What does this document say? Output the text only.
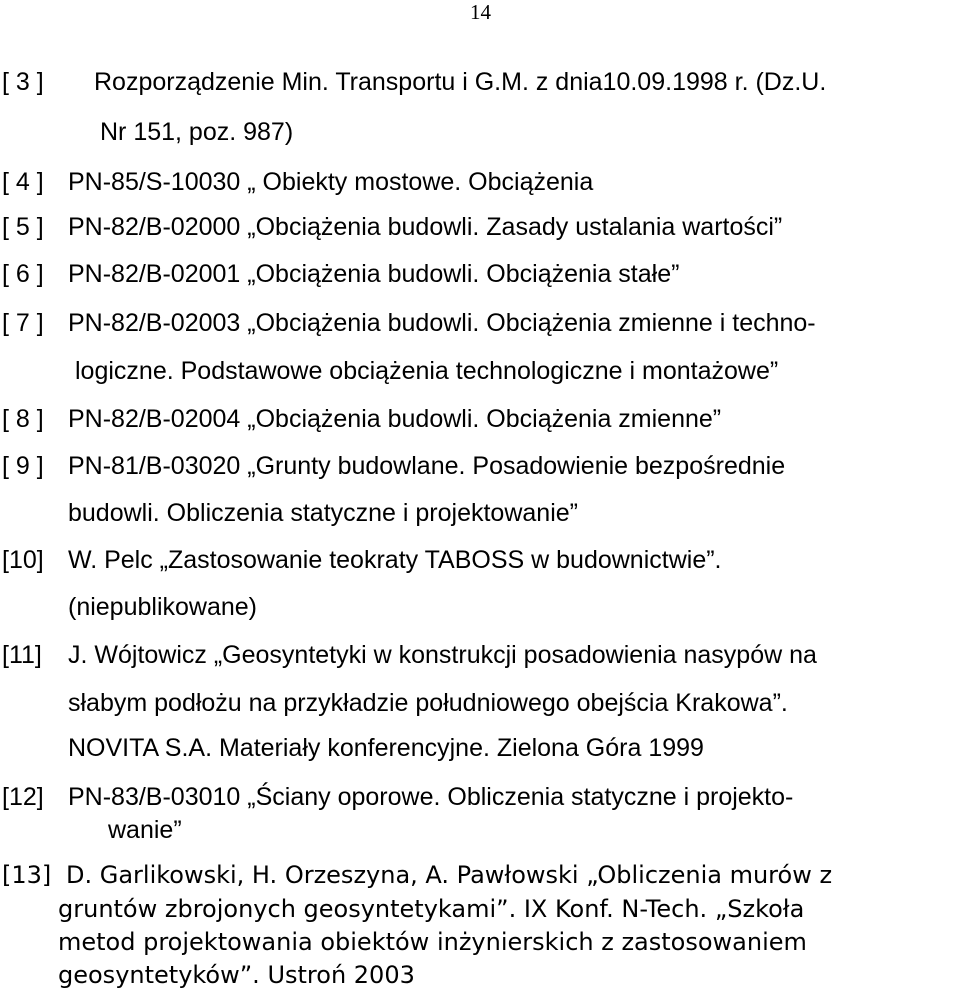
14
[ 3 ] Rozporządzenie Min. Transportu i G.M. z dnia10.09.1998 r. (Dz.U.
Nr 151, poz. 987)
[ 4 ] PN-85/S-10030 „ Obiekty mostowe. Obciążenia
[ 5 ] PN-82/B-02000 „Obciążenia budowli. Zasady ustalania wartości”
[ 6 ] PN-82/B-02001 „Obciążenia budowli. Obciążenia stałe”
[ 7 ] PN-82/B-02003 „Obciążenia budowli. Obciążenia zmienne i techno-
logiczne. Podstawowe obciążenia technologiczne i montażowe”
[ 8 ] PN-82/B-02004 „Obciążenia budowli. Obciążenia zmienne”
[ 9 ] PN-81/B-03020 „Grunty budowlane. Posadowienie bezpośrednie
budowli. Obliczenia statyczne i projektowanie”
[10] W. Pelc „Zastosowanie teokraty TABOSS w budownictwie”.
(niepublikowane)
[11] J. Wójtowicz „Geosyntetyki w konstrukcji posadowienia nasypów na
słabym podłożu na przykładzie południowego obejścia Krakowa”.
NOVITA S.A. Materiały konferencyjne. Zielona Góra 1999
[12] PN-83/B-03010 „Ściany oporowe. Obliczenia statyczne i projekto-
wanie”
[13] D. Garlikowski, H. Orzeszyna, A. Pawłowski „Obliczenia murów z
gruntów zbrojonych geosyntetykami”. IX Konf. N-Tech. „Szkoła
metod projektowania obiektów inżynierskich z zastosowaniem
geosyntetyków”. Ustroń 2003
